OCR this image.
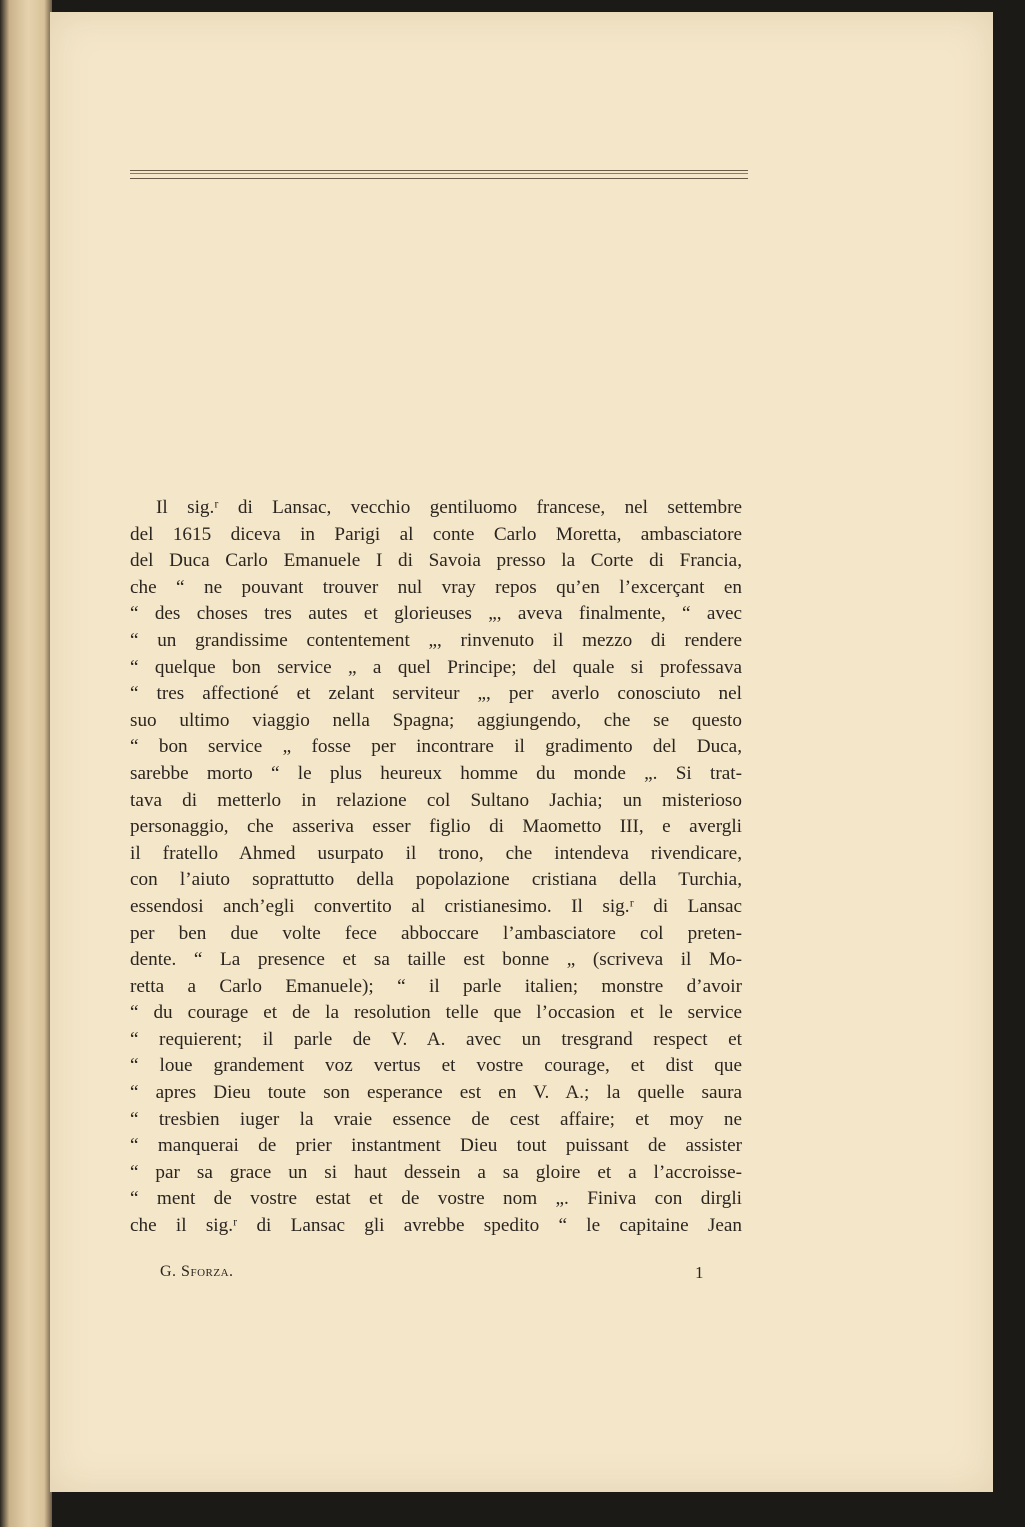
Il sig.ʳ di Lansac, vecchio gentiluomo francese, nel settembre
del 1615 diceva in Parigi al conte Carlo Moretta, ambasciatore
del Duca Carlo Emanuele I di Savoia presso la Corte di Francia,
che “ ne pouvant trouver nul vray repos qu’en l’excerçant en
“ des choses tres autes et glorieuses „, aveva finalmente, “ avec
“ un grandissime contentement „, rinvenuto il mezzo di rendere
“ quelque bon service „ a quel Principe; del quale si professava
“ tres affectioné et zelant serviteur „, per averlo conosciuto nel
suo ultimo viaggio nella Spagna; aggiungendo, che se questo
“ bon service „ fosse per incontrare il gradimento del Duca,
sarebbe morto “ le plus heureux homme du monde „. Si trat-
tava di metterlo in relazione col Sultano Jachia; un misterioso
personaggio, che asseriva esser figlio di Maometto III, e avergli
il fratello Ahmed usurpato il trono, che intendeva rivendicare,
con l’aiuto soprattutto della popolazione cristiana della Turchia,
essendosi anch’egli convertito al cristianesimo. Il sig.ʳ di Lansac
per ben due volte fece abboccare l’ambasciatore col preten-
dente. “ La presence et sa taille est bonne „ (scriveva il Mo-
retta a Carlo Emanuele); “ il parle italien; monstre d’avoir
“ du courage et de la resolution telle que l’occasion et le service
“ requierent; il parle de V. A. avec un tresgrand respect et
“ loue grandement voz vertus et vostre courage, et dist que
“ apres Dieu toute son esperance est en V. A.; la quelle saura
“ tresbien iuger la vraie essence de cest affaire; et moy ne
“ manquerai de prier instantment Dieu tout puissant de assister
“ par sa grace un si haut dessein a sa gloire et a l’accroisse-
“ ment de vostre estat et de vostre nom „. Finiva con dirgli
che il sig.ʳ di Lansac gli avrebbe spedito “ le capitaine Jean

G. Sforza.	1
